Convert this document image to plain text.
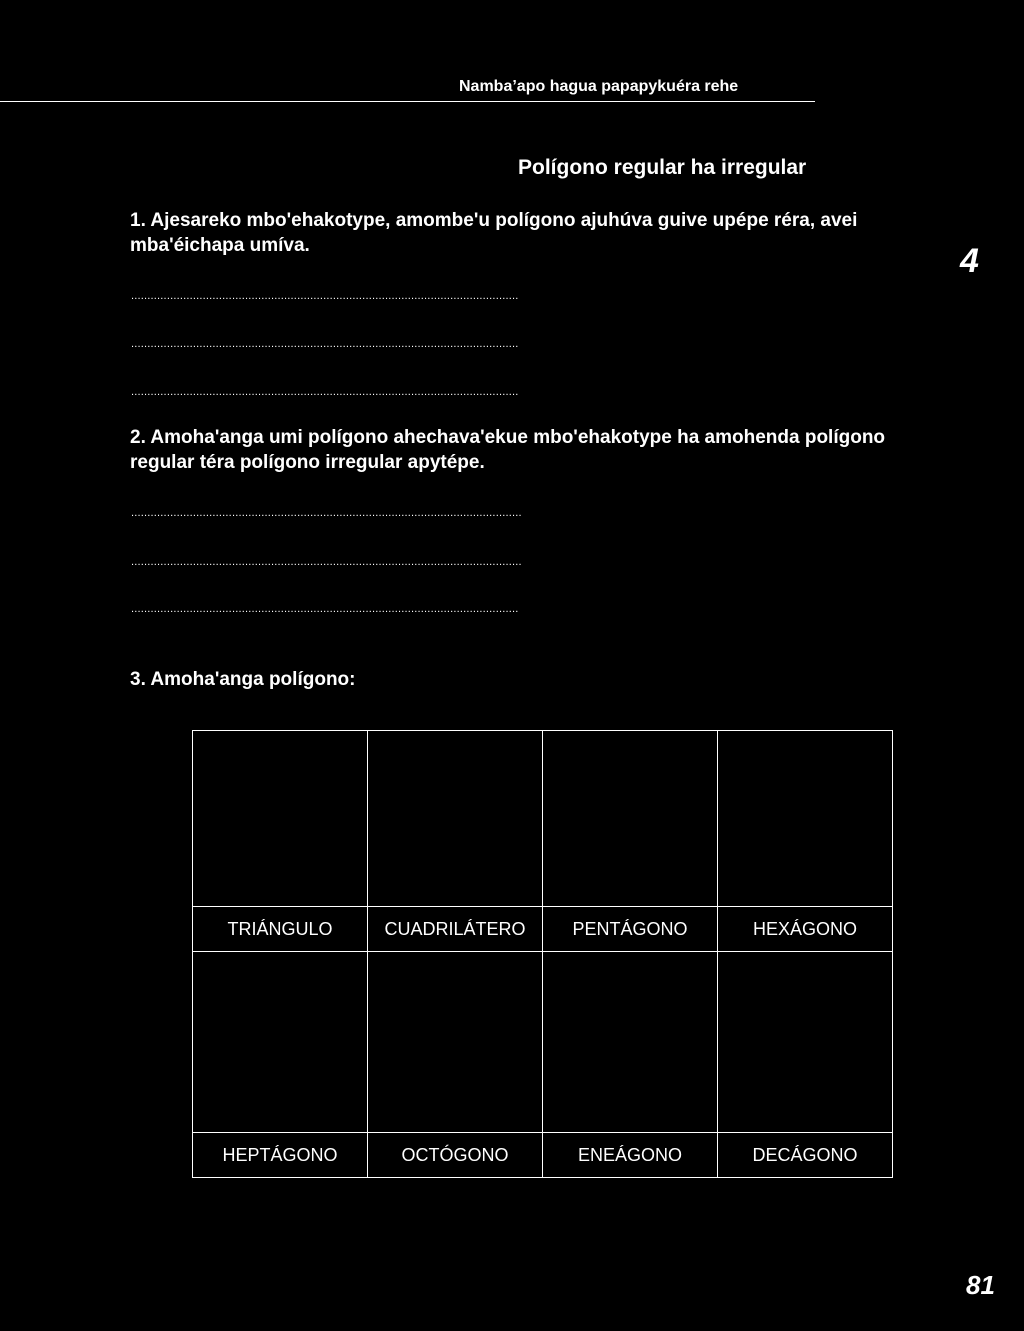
Namba’apo hagua papapykuéra rehe
Polígono regular ha irregular
4
1. Ajesareko mbo'ehakotype, amombe'u polígono ajuhúva guive upépe réra, avei mba'éichapa umíva.
.......................................................................................................................
.......................................................................................................................
.......................................................................................................................
2. Amoha'anga umi polígono ahechava'ekue mbo'ehakotype ha amohenda polígono regular téra polígono irregular apytépe.
........................................................................................................................
........................................................................................................................
.......................................................................................................................
3. Amoha'anga polígono:

TRIÁNGULO	CUADRILÁTERO	PENTÁGONO	HEXÁGONO

HEPTÁGONO	OCTÓGONO	ENEÁGONO	DECÁGONO
81
